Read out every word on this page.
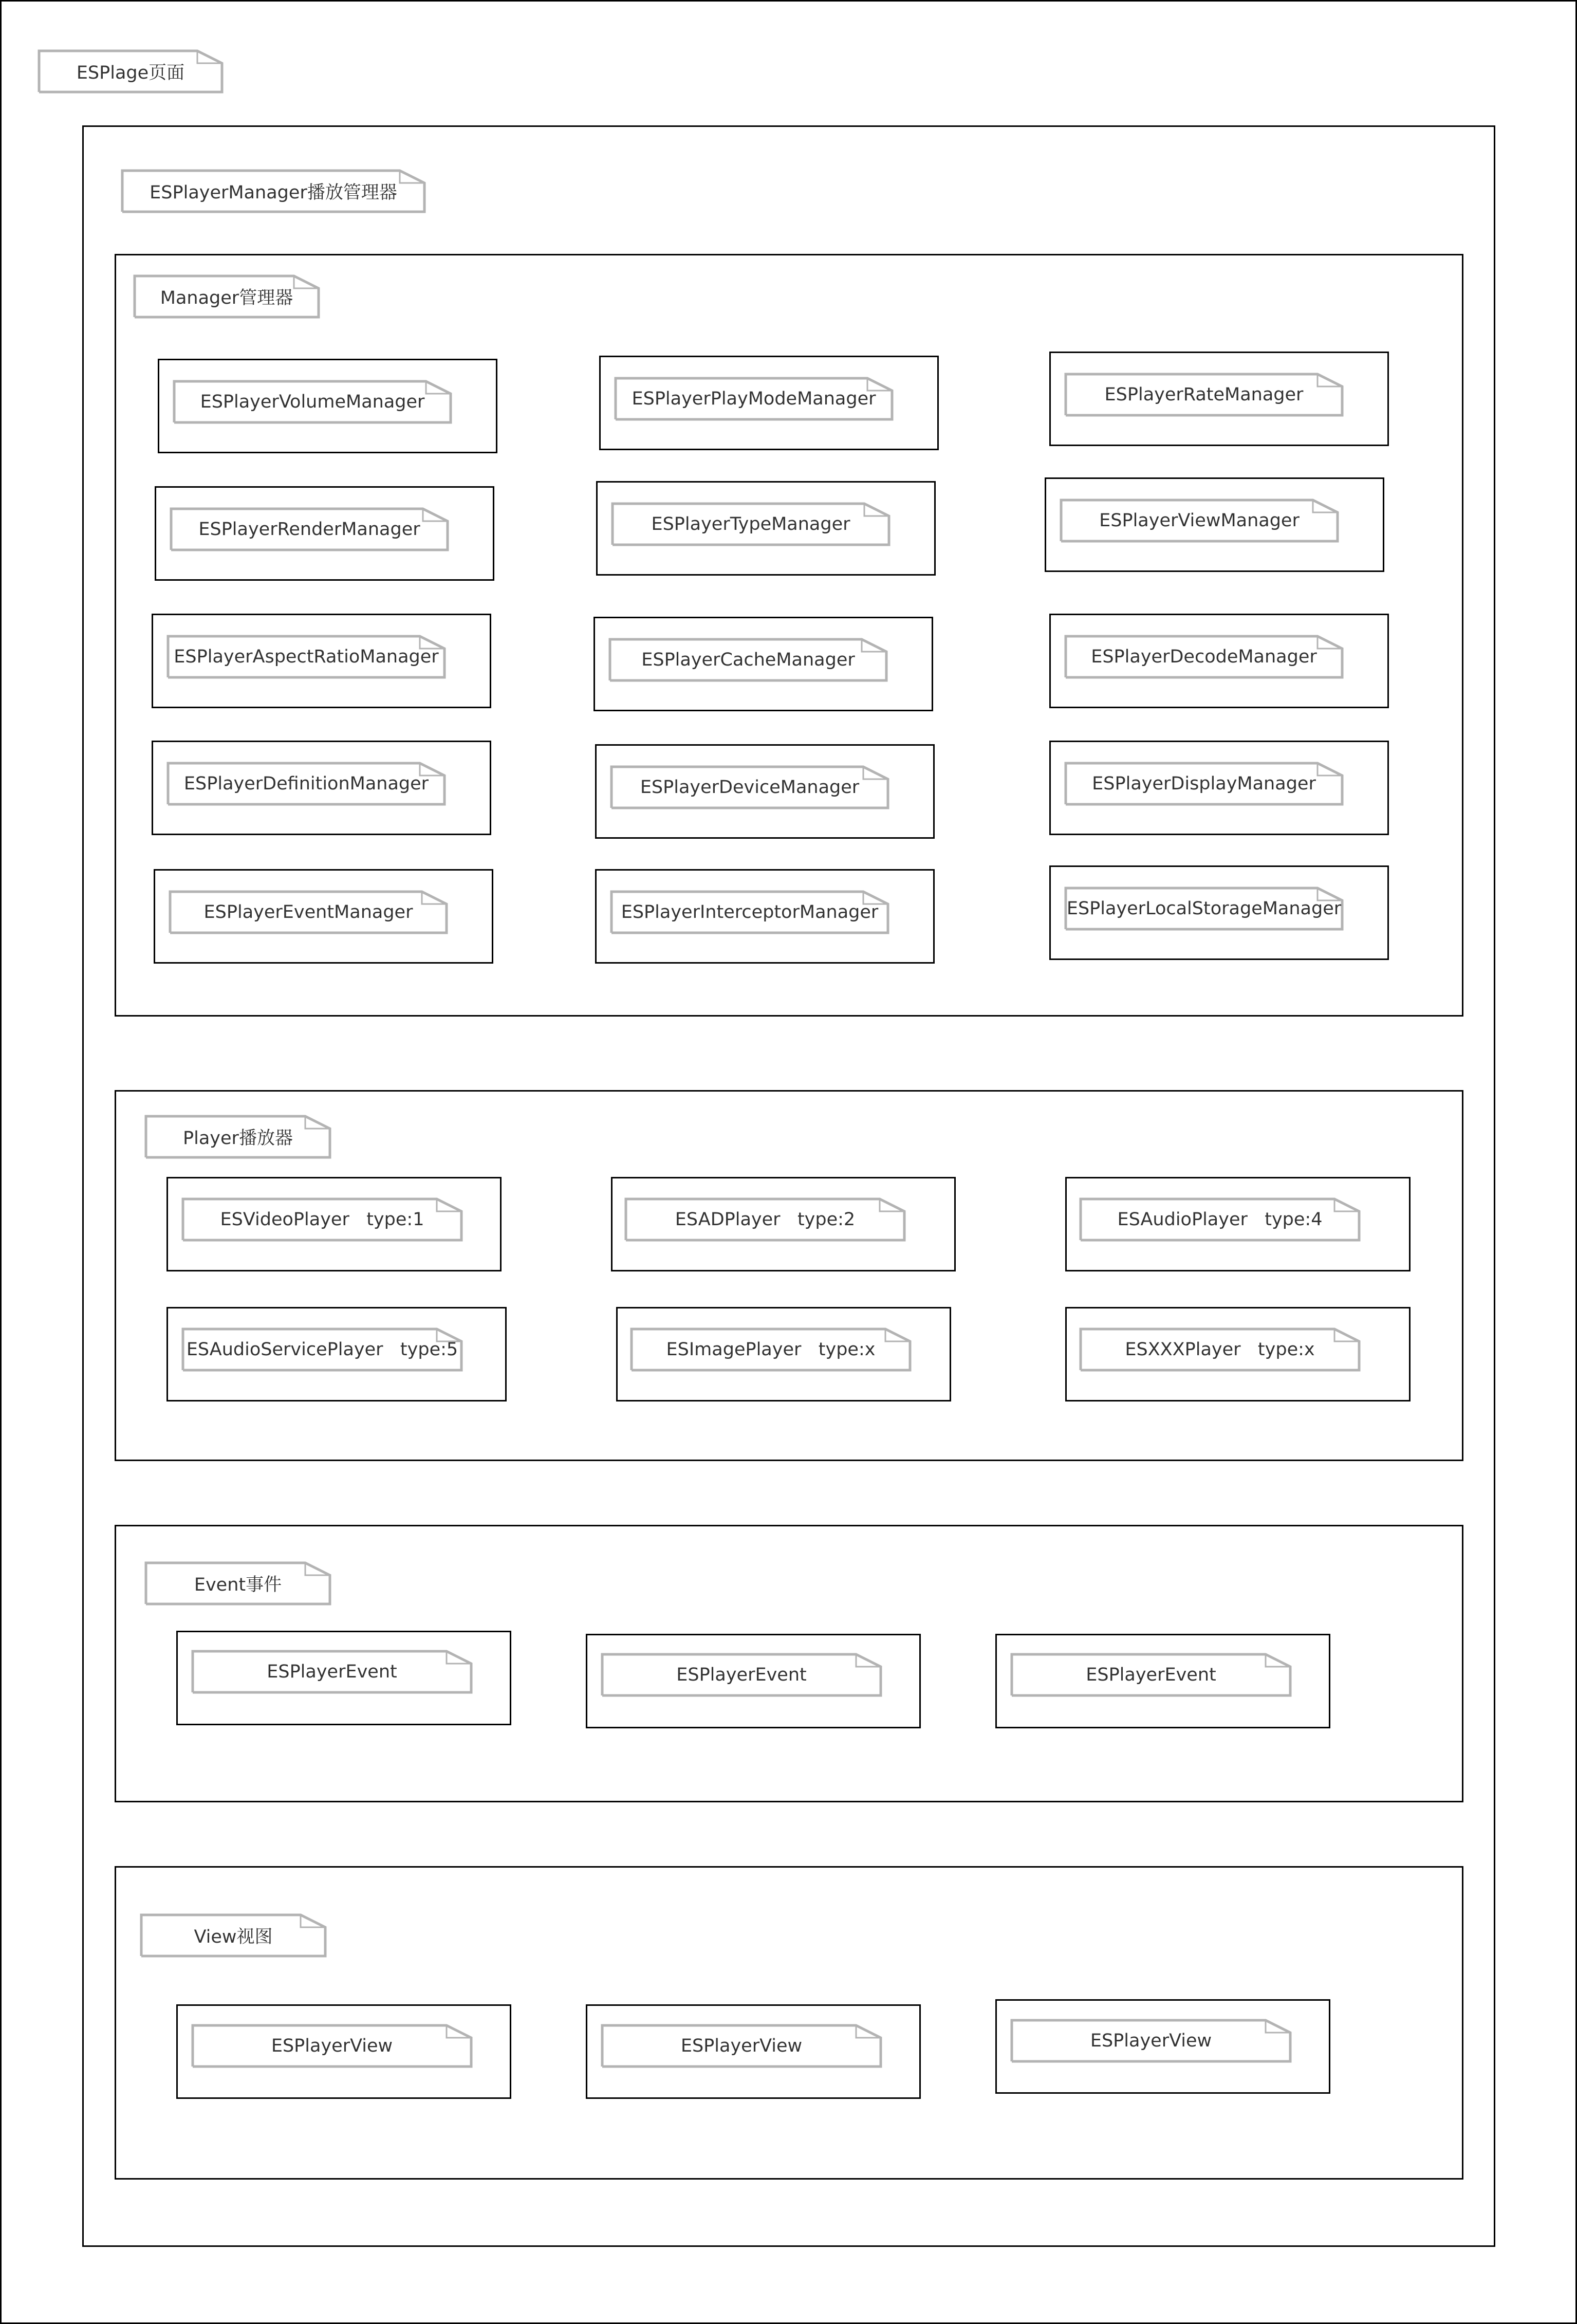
ESPlage页面
ESPlayerManager播放管理器
Manager管理器
ESPlayerVolumeManager
ESPlayerRenderManager
ESPlayerAspectRatioManager
ESPlayerDefinitionManager
ESPlayerEventManager
ESPlayerPlayModeManager
ESPlayerTypeManager
ESPlayerCacheManager
ESPlayerDeviceManager
ESPlayerInterceptorManager
ESPlayerRateManager
ESPlayerViewManager
ESPlayerDecodeManager
ESPlayerDisplayManager
ESPlayerLocalStorageManager
Player播放器
ESVideoPlayer   type:1	ESADPlayer   type:2	ESAudioPlayer   type:4
ESAudioServicePlayer   type:5	ESImagePlayer   type:x	ESXXXPlayer   type:x
Event事件
ESPlayerEvent	ESPlayerEvent	ESPlayerEvent
View视图
ESPlayerView	ESPlayerView	ESPlayerView
